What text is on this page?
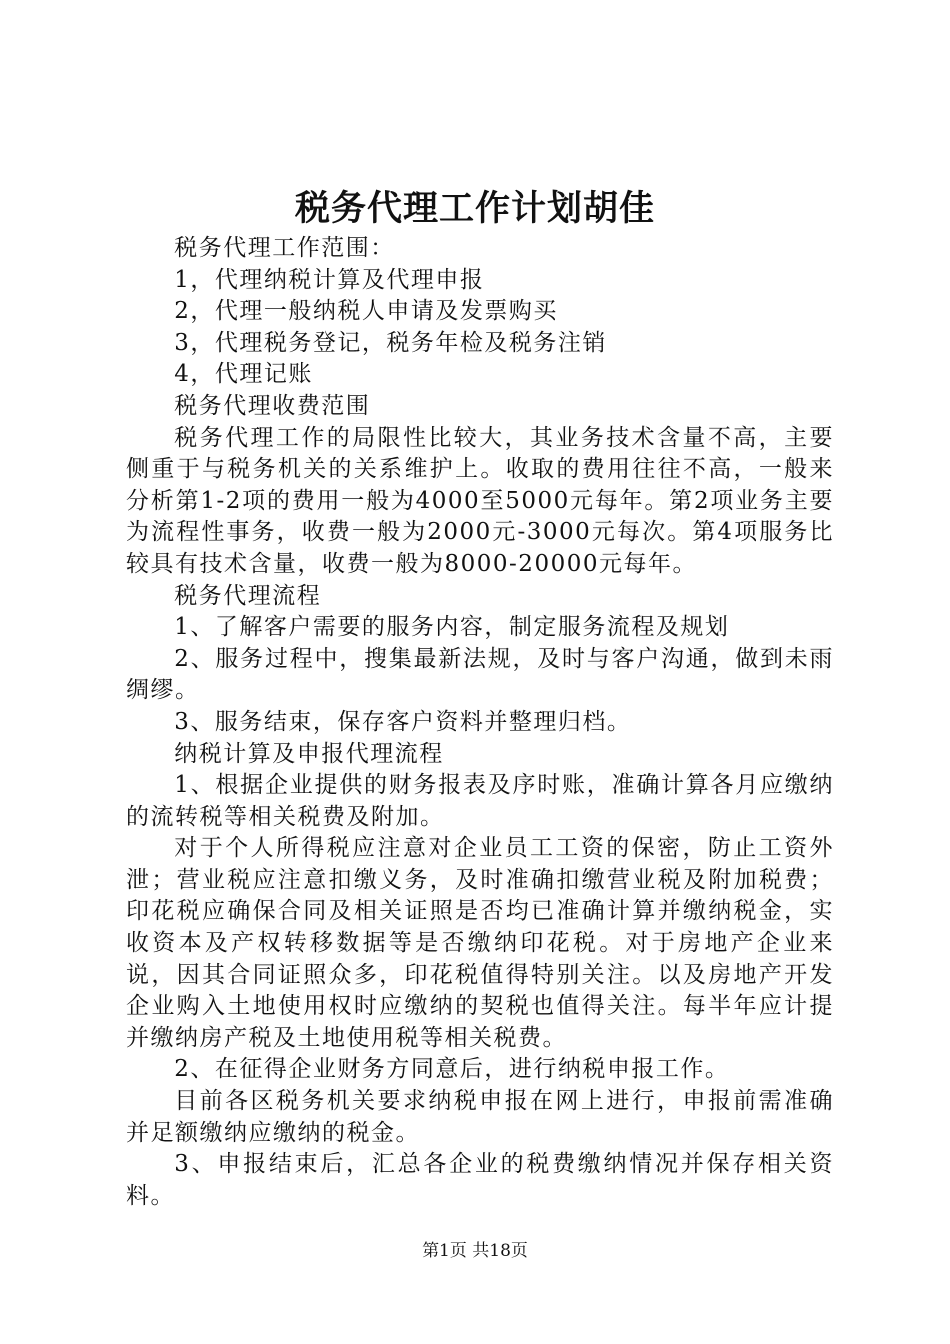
税务代理工作计划胡佳

税务代理工作范围：

1，代理纳税计算及代理申报

2，代理一般纳税人申请及发票购买

3，代理税务登记，税务年检及税务注销

4，代理记账

税务代理收费范围

税务代理工作的局限性比较大，其业务技术含量不高，主要侧重于与税务机关的关系维护上。收取的费用往往不高，一般来分析第1-2项的费用一般为4000至5000元每年。第2项业务主要为流程性事务，收费一般为2000元-3000元每次。第4项服务比较具有技术含量，收费一般为8000-20000元每年。

税务代理流程

1、了解客户需要的服务内容，制定服务流程及规划

2、服务过程中，搜集最新法规，及时与客户沟通，做到未雨绸缪。

3、服务结束，保存客户资料并整理归档。

纳税计算及申报代理流程

1、根据企业提供的财务报表及序时账，准确计算各月应缴纳的流转税等相关税费及附加。

对于个人所得税应注意对企业员工工资的保密，防止工资外泄；营业税应注意扣缴义务，及时准确扣缴营业税及附加税费；印花税应确保合同及相关证照是否均已准确计算并缴纳税金，实收资本及产权转移数据等是否缴纳印花税。对于房地产企业来说，因其合同证照众多，印花税值得特别关注。以及房地产开发企业购入土地使用权时应缴纳的契税也值得关注。每半年应计提并缴纳房产税及土地使用税等相关税费。

2、在征得企业财务方同意后，进行纳税申报工作。

目前各区税务机关要求纳税申报在网上进行，申报前需准确并足额缴纳应缴纳的税金。

3、申报结束后，汇总各企业的税费缴纳情况并保存相关资料。

第1页 共18页
